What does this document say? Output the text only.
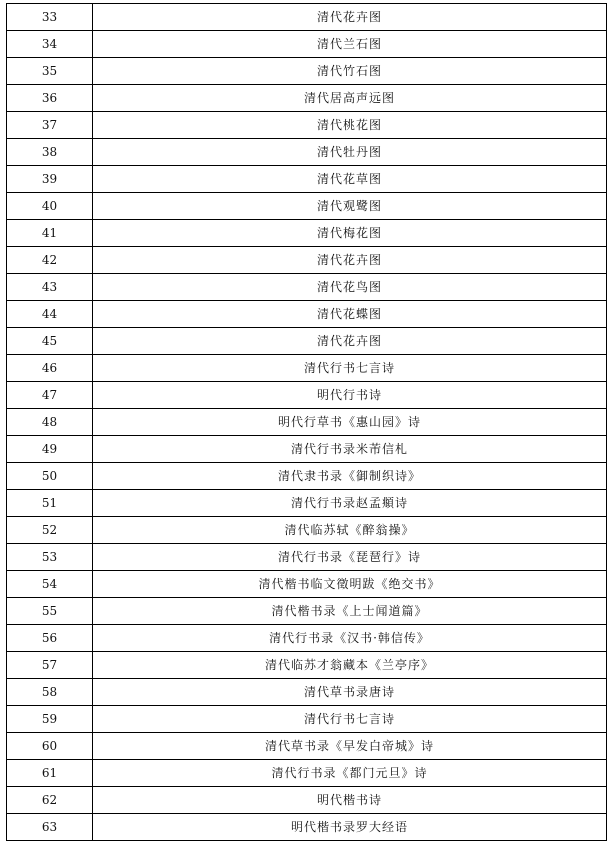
33	清代花卉图
34	清代兰石图
35	清代竹石图
36	清代居高声远图
37	清代桃花图
38	清代牡丹图
39	清代花草图
40	清代观鹭图
41	清代梅花图
42	清代花卉图
43	清代花鸟图
44	清代花蝶图
45	清代花卉图
46	清代行书七言诗
47	明代行书诗
48	明代行草书《惠山园》诗
49	清代行书录米芾信札
50	清代隶书录《御制织诗》
51	清代行书录赵孟頫诗
52	清代临苏轼《醉翁操》
53	清代行书录《琵琶行》诗
54	清代楷书临文徵明跋《绝交书》
55	清代楷书录《上士闻道篇》
56	清代行书录《汉书·韩信传》
57	清代临苏才翁藏本《兰亭序》
58	清代草书录唐诗
59	清代行书七言诗
60	清代草书录《早发白帝城》诗
61	清代行书录《都门元旦》诗
62	明代楷书诗
63	明代楷书录罗大经语
